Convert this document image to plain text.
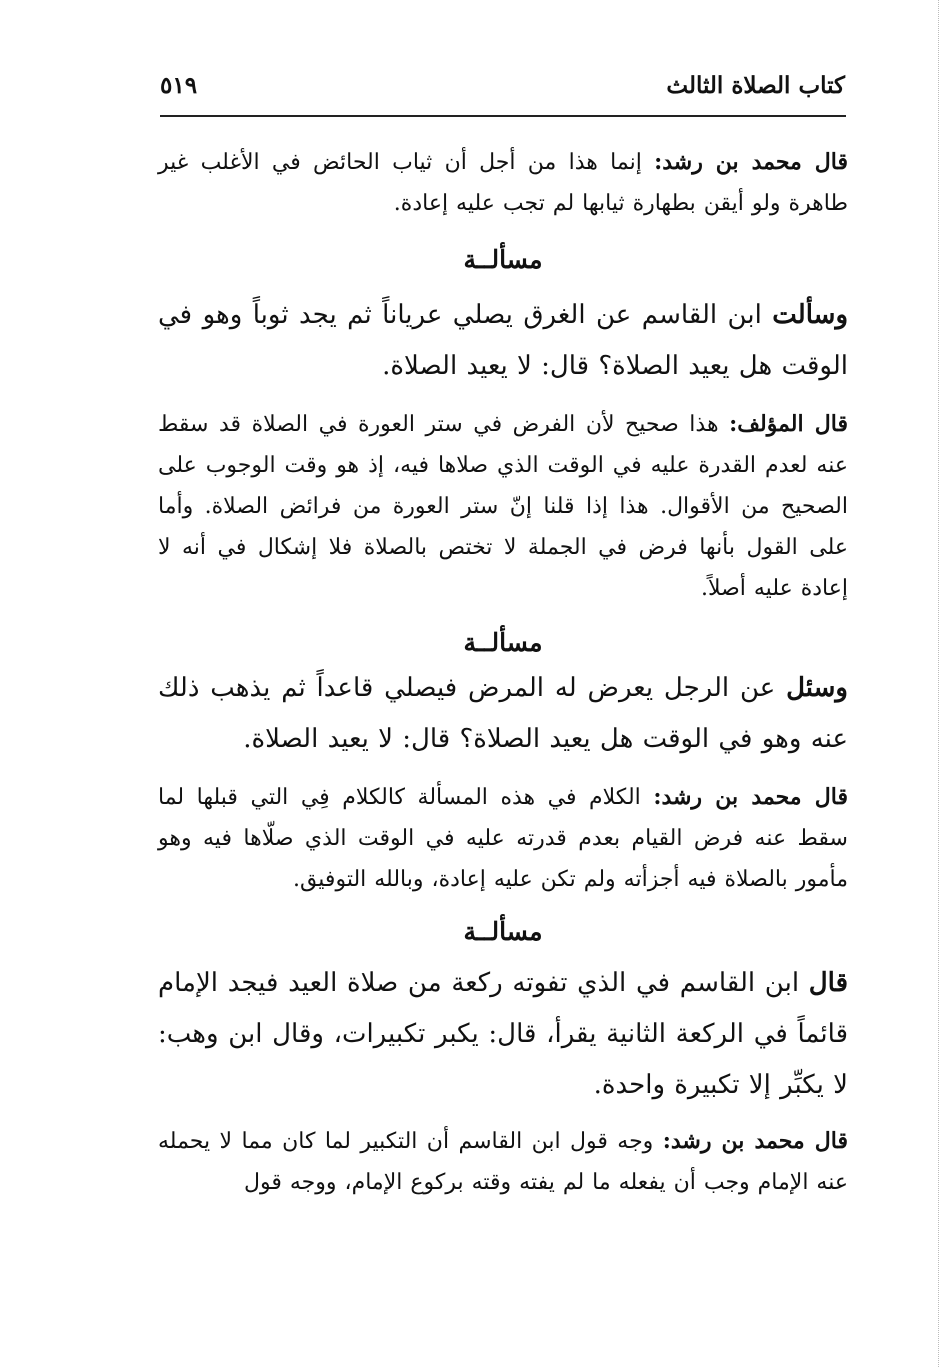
كتاب الصلاة الثالث
٥١٩

قال محمد بن رشد: إنما هذا من أجل أن ثياب الحائض في الأغلب غير طاهرة ولو أيقن بطهارة ثيابها لم تجب عليه إعادة.

مسألــة

وسألت ابن القاسم عن الغرق يصلي عرياناً ثم يجد ثوباً وهو في الوقت هل يعيد الصلاة؟ قال: لا يعيد الصلاة.

قال المؤلف: هذا صحيح لأن الفرض في ستر العورة في الصلاة قد سقط عنه لعدم القدرة عليه في الوقت الذي صلاها فيه، إذ هو وقت الوجوب على الصحيح من الأقوال. هذا إذا قلنا إنّ ستر العورة من فرائض الصلاة. وأما على القول بأنها فرض في الجملة لا تختص بالصلاة فلا إشكال في أنه لا إعادة عليه أصلاً.

مسألــة

وسئل عن الرجل يعرض له المرض فيصلي قاعداً ثم يذهب ذلك عنه وهو في الوقت هل يعيد الصلاة؟ قال: لا يعيد الصلاة.

قال محمد بن رشد: الكلام في هذه المسألة كالكلام فِي التي قبلها لما سقط عنه فرض القيام بعدم قدرته عليه في الوقت الذي صلّاها فيه وهو مأمور بالصلاة فيه أجزأته ولم تكن عليه إعادة، وبالله التوفيق.

مسألــة

قال ابن القاسم في الذي تفوته ركعة من صلاة العيد فيجد الإمام قائماً في الركعة الثانية يقرأ، قال: يكبر تكبيرات، وقال ابن وهب: لا يكبِّر إلا تكبيرة واحدة.

قال محمد بن رشد: وجه قول ابن القاسم أن التكبير لما كان مما لا يحمله عنه الإمام وجب أن يفعله ما لم يفته وقته بركوع الإمام، ووجه قول
